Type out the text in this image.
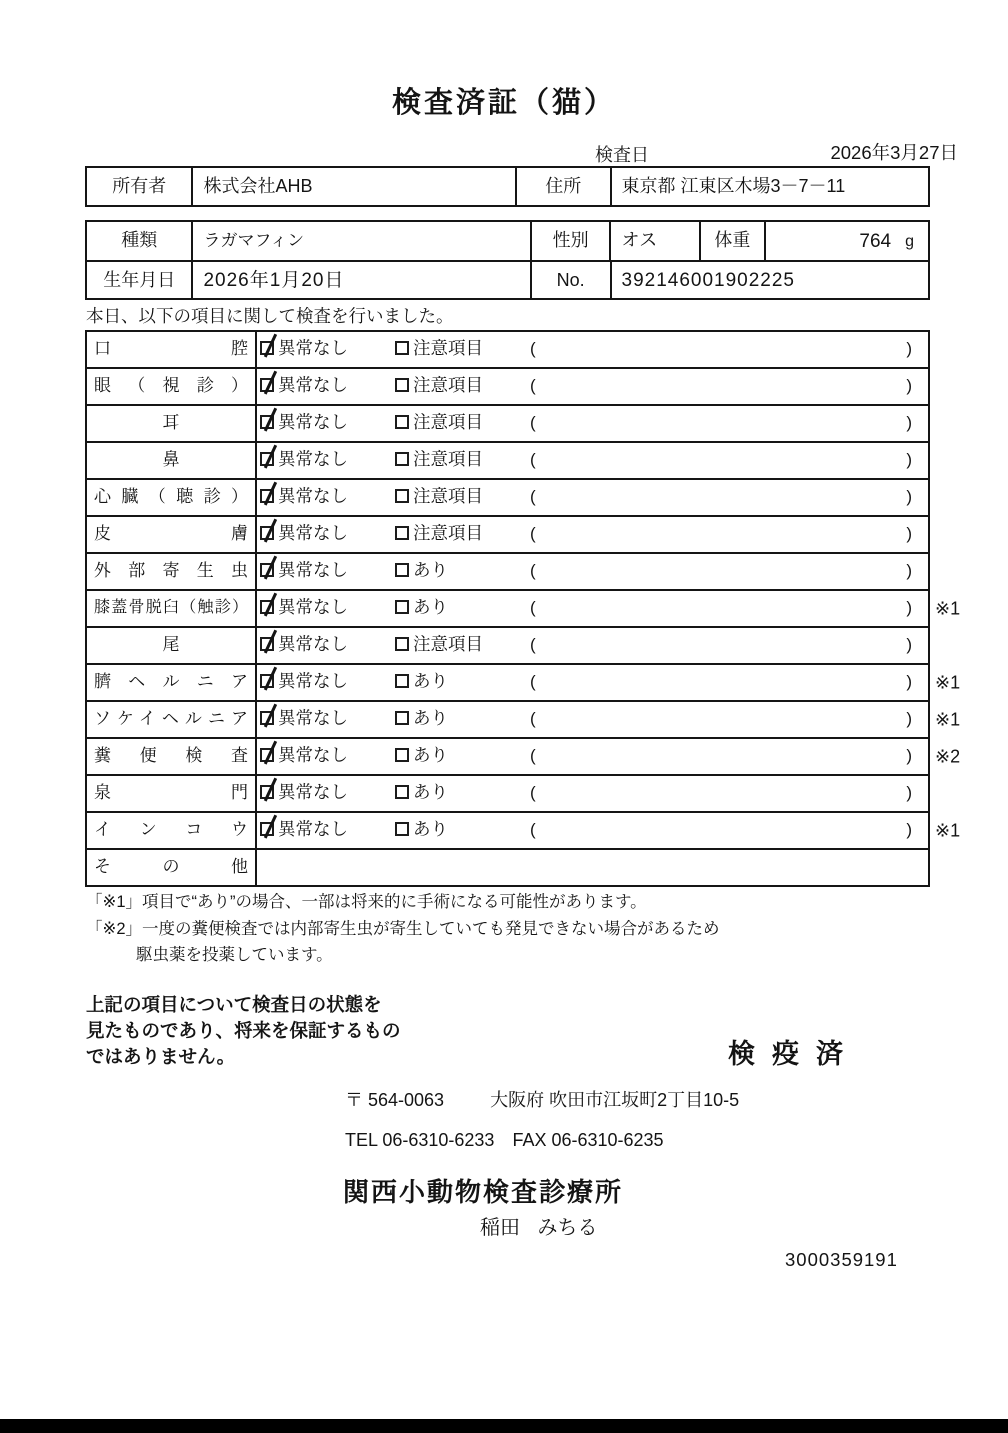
検査済証（猫）
検査日	2026年3月27日
所有者	株式会社AHB	住所	東京都 江東区木場3－7－11
種類	ラガマフィン	性別	オス	体重	764 g
生年月日	2026年1月20日	No.	392146001902225
本日、以下の項目に関して検査を行いました。
口腔	異常なし	注意項目	(	)
眼（視診）	異常なし	注意項目	(	)
耳	異常なし	注意項目	(	)
鼻	異常なし	注意項目	(	)
心臓（聴診）	異常なし	注意項目	(	)
皮膚	異常なし	注意項目	(	)
外部寄生虫	異常なし	あり	(	)
膝蓋骨脱臼（触診）	異常なし	あり	(	) ※1
尾	異常なし	注意項目	(	)
臍ヘルニア	異常なし	あり	(	) ※1
ソケイヘルニア	異常なし	あり	(	) ※1
糞便検査	異常なし	あり	(	) ※2
泉門	異常なし	あり	(	)
インコウ	異常なし	あり	(	) ※1
その他
「※1」項目で“あり”の場合、一部は将来的に手術になる可能性があります。
「※2」一度の糞便検査では内部寄生虫が寄生していても発見できない場合があるため
駆虫薬を投薬しています。
上記の項目について検査日の状態を
見たものであり、将来を保証するもの
ではありません。	検疫済
〒 564-0063	大阪府 吹田市江坂町2丁目10-5
TEL 06-6310-6233 FAX 06-6310-6235
関西小動物検査診療所
稲田 みちる
3000359191
